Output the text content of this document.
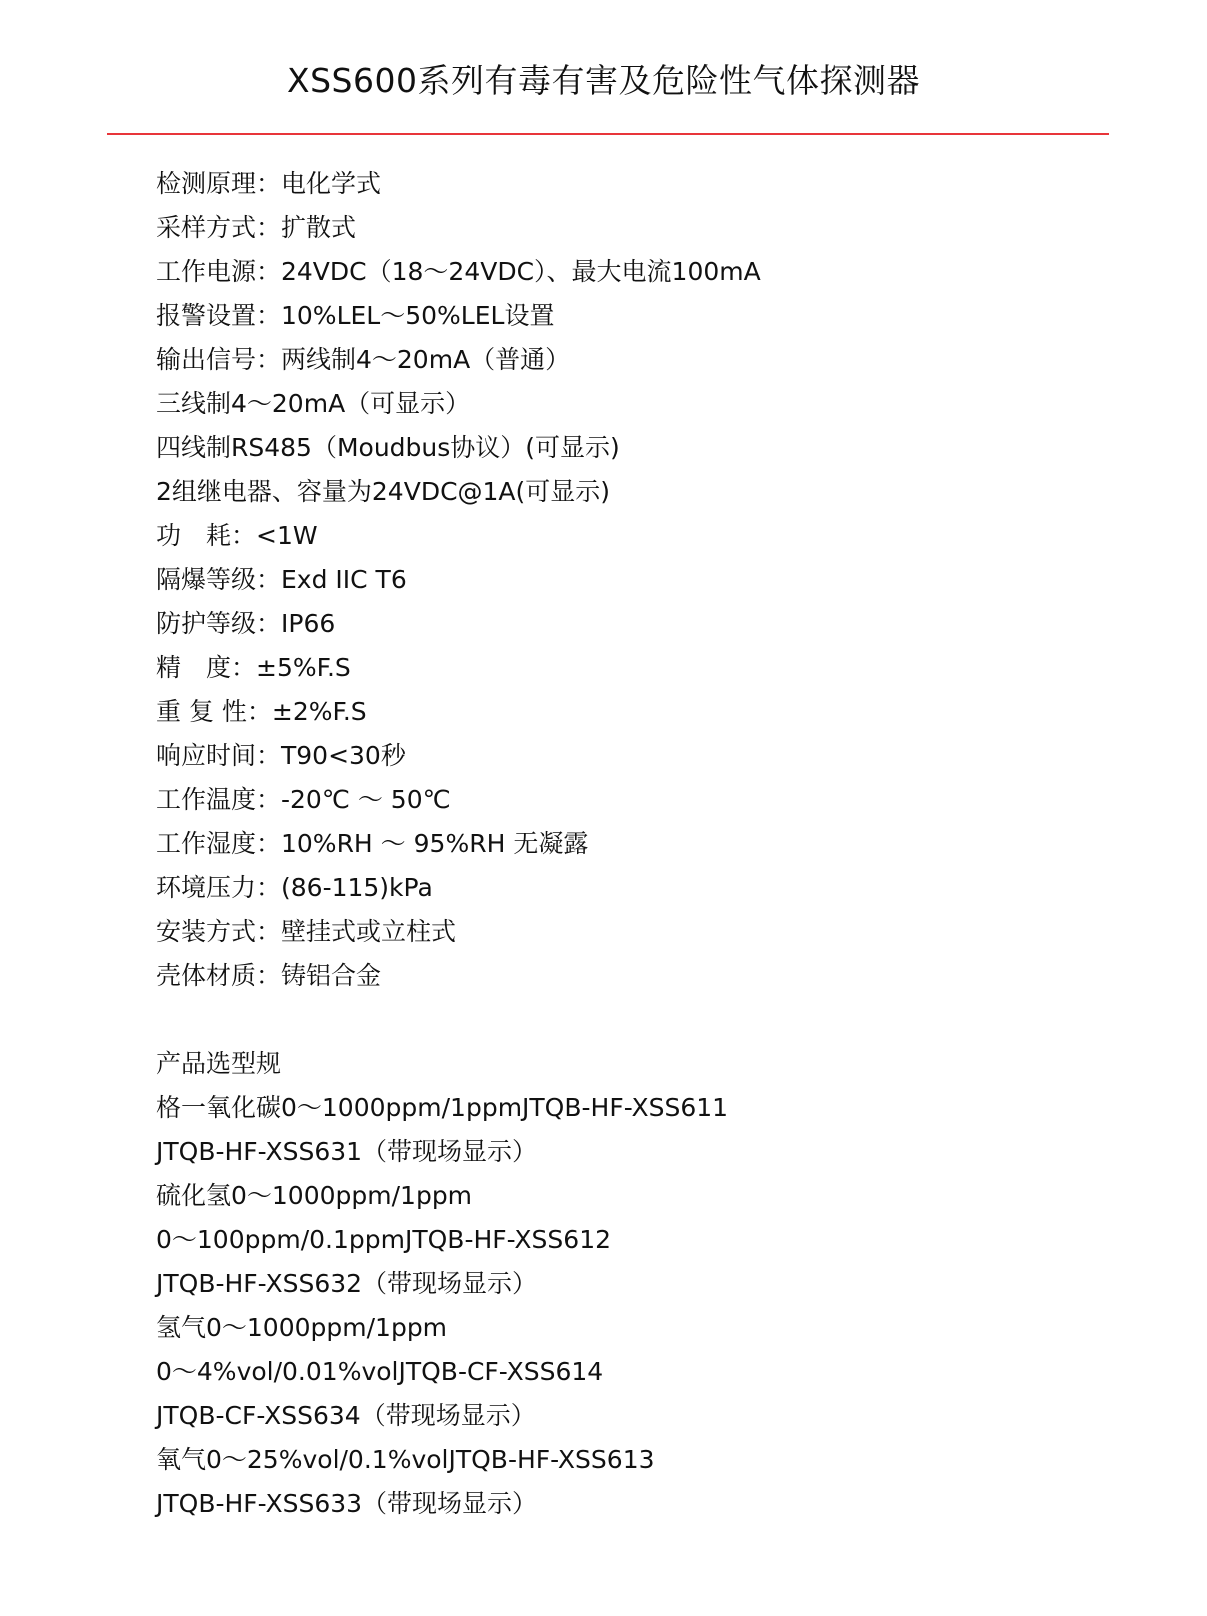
XSS600系列有毒有害及危险性气体探测器
检测原理：电化学式
采样方式：扩散式
工作电源：24VDC（18～24VDC）、最大电流100mA
报警设置：10%LEL～50%LEL设置
输出信号：两线制4～20mA（普通）
三线制4～20mA（可显示）
四线制RS485（Moudbus协议）(可显示)
2组继电器、容量为24VDC@1A(可显示)
功　耗：<1W
隔爆等级：Exd IIC T6
防护等级：IP66
精　度：±5%F.S
重 复 性：±2%F.S
响应时间：T90<30秒
工作温度：-20℃ ～ 50℃
工作湿度：10%RH ～ 95%RH 无凝露
环境压力：(86-115)kPa
安装方式：壁挂式或立柱式
壳体材质：铸铝合金
产品选型规
格一氧化碳0～1000ppm/1ppmJTQB-HF-XSS611
JTQB-HF-XSS631（带现场显示）
硫化氢0～1000ppm/1ppm
0～100ppm/0.1ppmJTQB-HF-XSS612
JTQB-HF-XSS632（带现场显示）
氢气0～1000ppm/1ppm
0～4%vol/0.01%volJTQB-CF-XSS614
JTQB-CF-XSS634（带现场显示）
氧气0～25%vol/0.1%volJTQB-HF-XSS613
JTQB-HF-XSS633（带现场显示）
